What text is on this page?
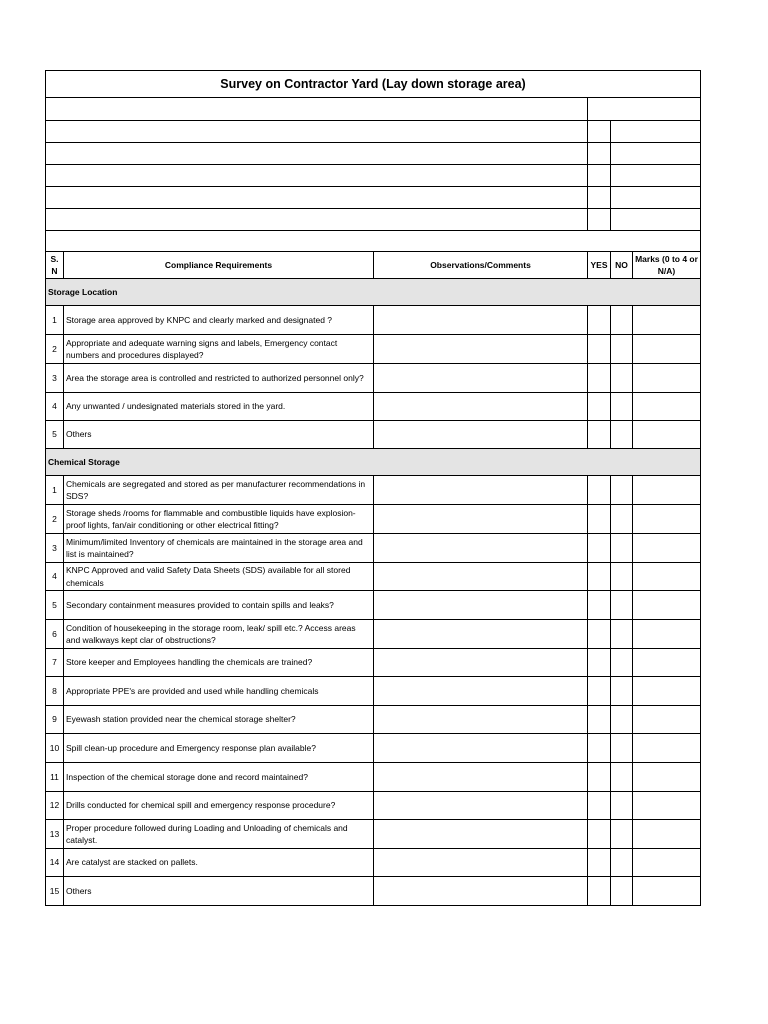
Survey on Contractor Yard (Lay down storage area)					

S.
N	Compliance Requirements	Observations/Comments	YES	NO	Marks (0 to 4 or
N/A)
Storage Location					
1	Storage area approved by KNPC and clearly marked and designated ?				
2	Appropriate and adequate warning signs and labels, Emergency contact numbers and procedures displayed?				
3	Area the storage area is controlled and restricted to authorized personnel only?				
4	Any unwanted / undesignated materials stored in the yard.				
5	Others				
Chemical Storage					
1	Chemicals are segregated and stored as per manufacturer recommendations in SDS?				
2	Storage sheds /rooms for flammable and combustible liquids have explosion-proof lights, fan/air conditioning or other electrical fitting?				
3	Minimum/limited Inventory of chemicals are maintained in the storage area and list is maintained?				
4	KNPC Approved and valid Safety Data Sheets (SDS) available for all stored chemicals				
5	Secondary containment measures provided to contain spills and leaks?				
6	Condition of housekeeping in the storage room, leak/ spill etc.? Access areas and walkways kept clar of obstructions?				
7	Store keeper and Employees handling the chemicals are trained?				
8	Appropriate PPE's are provided and used while handling chemicals				
9	Eyewash station provided near the chemical storage shelter?				
10	Spill clean-up procedure and Emergency response plan available?				
11	Inspection of the chemical storage done and record maintained?				
12	Drills conducted for chemical spill and emergency response procedure?				
13	Proper procedure followed during Loading and Unloading of chemicals and catalyst.				
14	Are catalyst are stacked on pallets.				
15	Others				
